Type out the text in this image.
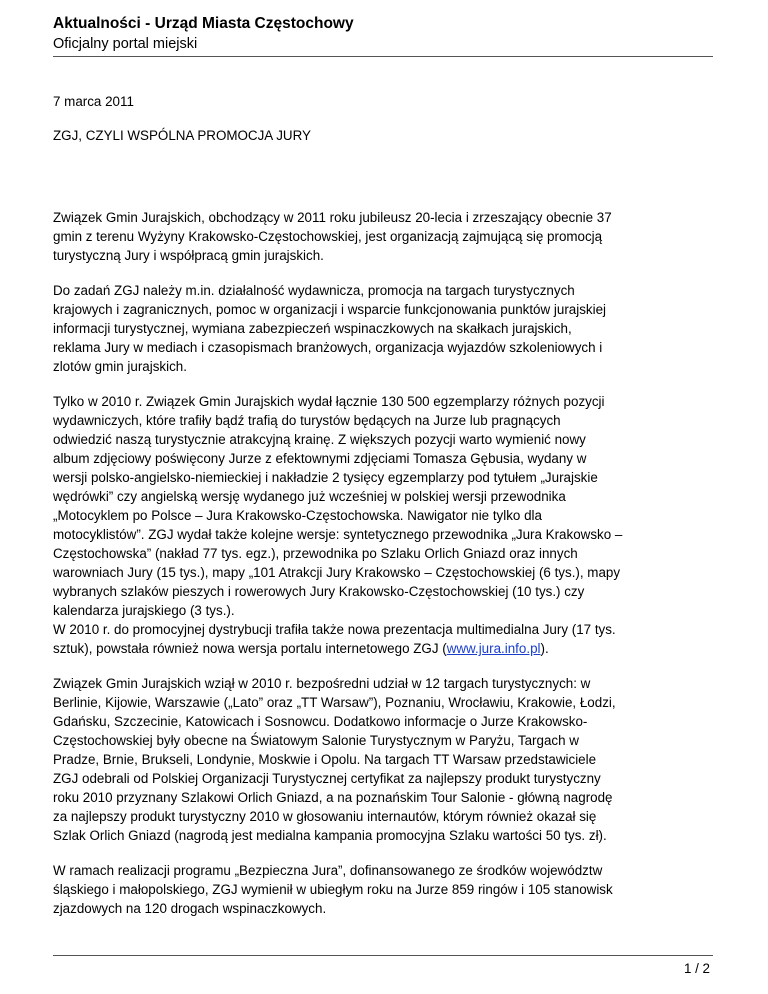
Aktualności - Urząd Miasta Częstochowy
Oficjalny portal miejski
7 marca 2011
ZGJ, CZYLI WSPÓLNA PROMOCJA JURY

Związek Gmin Jurajskich, obchodzący w 2011 roku jubileusz 20-lecia i zrzeszający obecnie 37
gmin z terenu Wyżyny Krakowsko-Częstochowskiej, jest organizacją zajmującą się promocją
turystyczną Jury i współpracą gmin jurajskich.

Do zadań ZGJ należy m.in. działalność wydawnicza, promocja na targach turystycznych
krajowych i zagranicznych, pomoc w organizacji i wsparcie funkcjonowania punktów jurajskiej
informacji turystycznej, wymiana zabezpieczeń wspinaczkowych na skałkach jurajskich,
reklama Jury w mediach i czasopismach branżowych, organizacja wyjazdów szkoleniowych i
zlotów gmin jurajskich.

Tylko w 2010 r. Związek Gmin Jurajskich wydał łącznie 130 500 egzemplarzy różnych pozycji
wydawniczych, które trafiły bądź trafią do turystów będących na Jurze lub pragnących
odwiedzić naszą turystycznie atrakcyjną krainę. Z większych pozycji warto wymienić nowy
album zdjęciowy poświęcony Jurze z efektownymi zdjęciami Tomasza Gębusia, wydany w
wersji polsko-angielsko-niemieckiej i nakładzie 2 tysięcy egzemplarzy pod tytułem „Jurajskie
wędrówki” czy angielską wersję wydanego już wcześniej w polskiej wersji przewodnika
„Motocyklem po Polsce – Jura Krakowsko-Częstochowska. Nawigator nie tylko dla
motocyklistów”. ZGJ wydał także kolejne wersje: syntetycznego przewodnika „Jura Krakowsko –
Częstochowska” (nakład 77 tys. egz.), przewodnika po Szlaku Orlich Gniazd oraz innych
warowniach Jury (15 tys.), mapy „101 Atrakcji Jury Krakowsko – Częstochowskiej (6 tys.), mapy
wybranych szlaków pieszych i rowerowych Jury Krakowsko-Częstochowskiej (10 tys.) czy
kalendarza jurajskiego (3 tys.).
W 2010 r. do promocyjnej dystrybucji trafiła także nowa prezentacja multimedialna Jury (17 tys.
sztuk), powstała również nowa wersja portalu internetowego ZGJ (www.jura.info.pl).

Związek Gmin Jurajskich wziął w 2010 r. bezpośredni udział w 12 targach turystycznych: w
Berlinie, Kijowie, Warszawie („Lato” oraz „TT Warsaw”), Poznaniu, Wrocławiu, Krakowie, Łodzi,
Gdańsku, Szczecinie, Katowicach i Sosnowcu. Dodatkowo informacje o Jurze Krakowsko-
Częstochowskiej były obecne na Światowym Salonie Turystycznym w Paryżu, Targach w
Pradze, Brnie, Brukseli, Londynie, Moskwie i Opolu. Na targach TT Warsaw przedstawiciele
ZGJ odebrali od Polskiej Organizacji Turystycznej certyfikat za najlepszy produkt turystyczny
roku 2010 przyznany Szlakowi Orlich Gniazd, a na poznańskim Tour Salonie - główną nagrodę
za najlepszy produkt turystyczny 2010 w głosowaniu internautów, którym również okazał się
Szlak Orlich Gniazd (nagrodą jest medialna kampania promocyjna Szlaku wartości 50 tys. zł).

W ramach realizacji programu „Bezpieczna Jura”, dofinansowanego ze środków województw
śląskiego i małopolskiego, ZGJ wymienił w ubiegłym roku na Jurze 859 ringów i 105 stanowisk
zjazdowych na 120 drogach wspinaczkowych.

1 / 2
